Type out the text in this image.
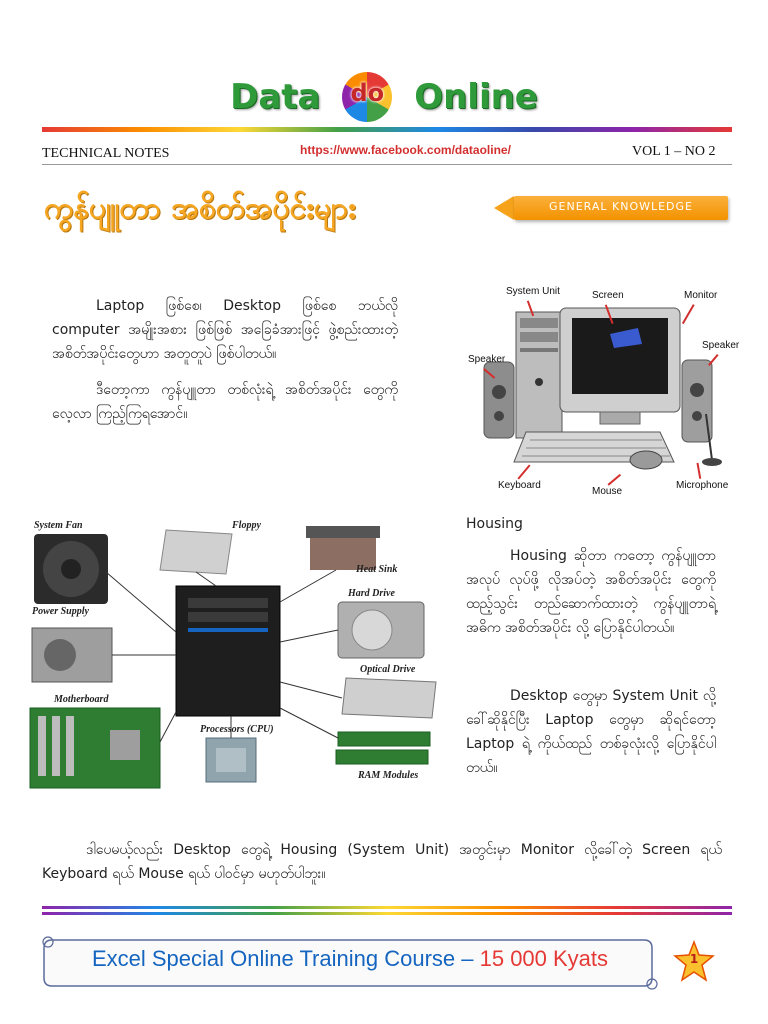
Data	do Online
TECHNICAL NOTES	https://www.facebook.com/dataoline/	VOL 1 – NO 2
ကွန်ပျူတာ အစိတ်အပိုင်းများ	GENERAL KNOWLEDGE
Laptop ဖြစ်စေ၊ Desktop ဖြစ်စေ ဘယ်လို computer အမျိုးအစား ဖြစ်ဖြစ် အခြေခံအားဖြင့် ဖွဲ့စည်းထားတဲ့ အစိတ်အပိုင်းတွေဟာ အတူတူပဲ ဖြစ်ပါတယ်။
ဒီတော့ကာ ကွန်ပျူတာ တစ်လုံးရဲ့ အစိတ်အပိုင်း တွေကို လေ့လာ ကြည့်ကြရအောင်။
System Unit	Screen	Monitor
Speaker
Speaker
Keyboard
Mouse
Microphone
Housing
Housing ဆိုတာ ကတော့ ကွန်ပျူတာ အလုပ် လုပ်ဖို့ လိုအပ်တဲ့ အစိတ်အပိုင်း တွေကို ထည့်သွင်း တည်ဆောက်ထားတဲ့ ကွန်ပျူတာရဲ့ အဓိက အစိတ်အပိုင်း လို့ ပြောနိုင်ပါတယ်။
Desktop တွေမှာ System Unit လို့ ခေါ်ဆိုနိုင်ပြီး Laptop တွေမှာ ဆိုရင်တော့ Laptop ရဲ့ ကိုယ်ထည် တစ်ခုလုံးလို့ ပြောနိုင်ပါတယ်။
System Fan	Floppy
Heat Sink
Hard Drive
Power Supply
Optical Drive
Motherboard
Processors (CPU)
RAM Modules
ဒါပေမယ့်လည်း Desktop တွေရဲ့ Housing (System Unit) အတွင်းမှာ Monitor လို့ခေါ်တဲ့ Screen ရယ် Keyboard ရယ် Mouse ရယ် ပါဝင်မှာ မဟုတ်ပါဘူး။
Excel Special Online Training Course – 15 000 Kyats	1
